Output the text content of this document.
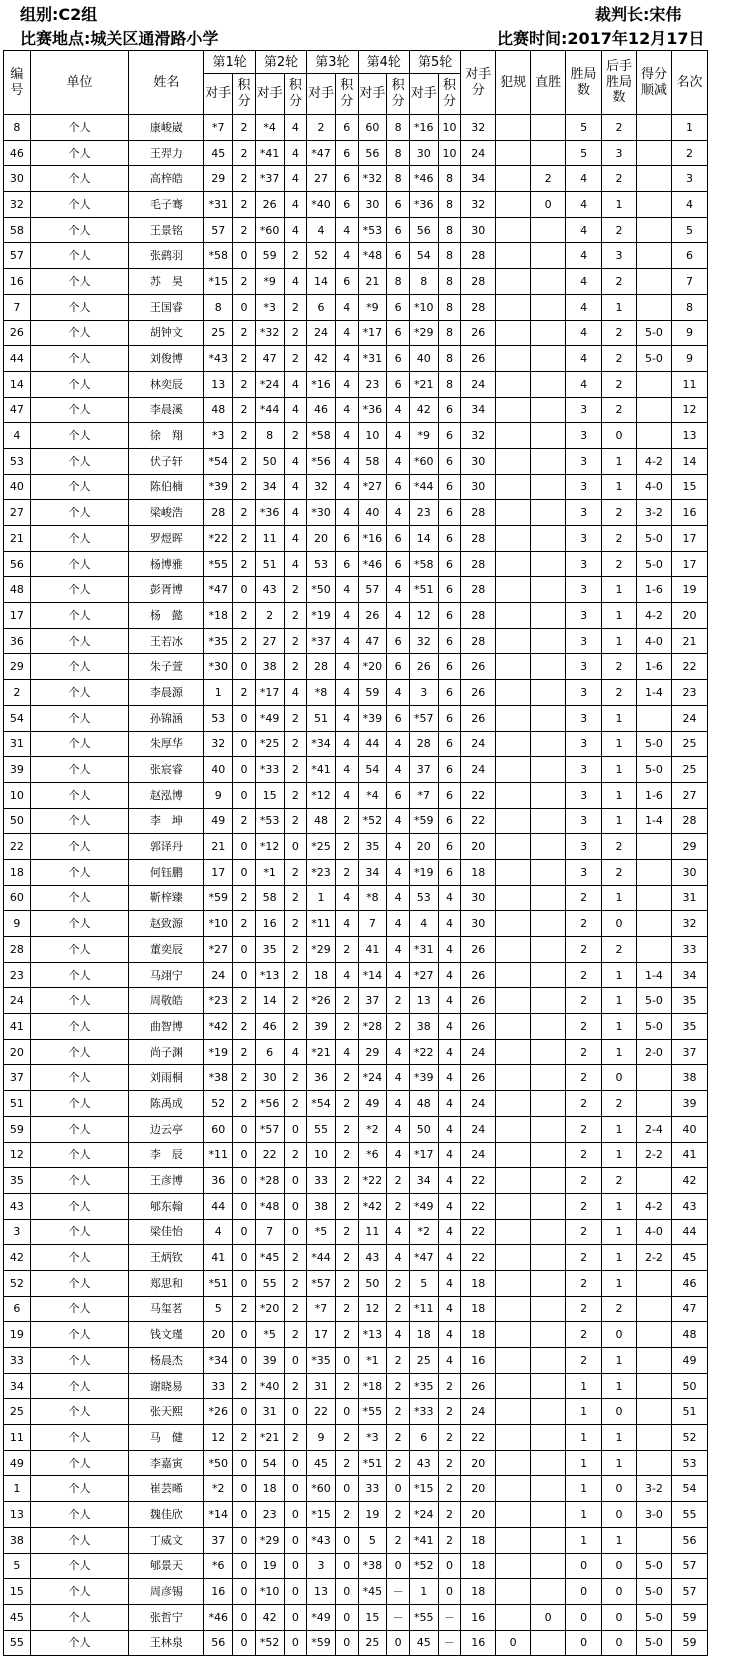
组别:C2组	裁判长:宋伟
比赛地点:城关区通滑路小学	比赛时间:2017年12月17日
编号	单位	姓名	第1轮		第2轮		第3轮		第4轮		第5轮		对手分	犯规	直胜	胜局数	后手胜局数	得分顺减	名次
			对手	积分	对手	积分	对手	积分	对手	积分	对手	积分							
8	个人	康峻崴	*7	2	*4	4	2	6	60	8	*16	10	32			5	2		1
46	个人	王羿力	45	2	*41	4	*47	6	56	8	30	10	24			5	3		2
30	个人	高梓皓	29	2	*37	4	27	6	*32	8	*46	8	34		2	4	2		3
32	个人	毛子骞	*31	2	26	4	*40	6	30	6	*36	8	32		0	4	1		4
58	个人	王景铭	57	2	*60	4	4	4	*53	6	56	8	30			4	2		5
57	个人	张鹞羽	*58	0	59	2	52	4	*48	6	54	8	28			4	3		6
16	个人	苏　昊	*15	2	*9	4	14	6	21	8	8	8	28			4	2		7
7	个人	王国睿	8	0	*3	2	6	4	*9	6	*10	8	28			4	1		8
26	个人	胡钟文	25	2	*32	2	24	4	*17	6	*29	8	26			4	2	5-0	9
44	个人	刘俊博	*43	2	47	2	42	4	*31	6	40	8	26			4	2	5-0	9
14	个人	林奕辰	13	2	*24	4	*16	4	23	6	*21	8	24			4	2		11
47	个人	李晨溪	48	2	*44	4	46	4	*36	4	42	6	34			3	2		12
4	个人	徐　翔	*3	2	8	2	*58	4	10	4	*9	6	32			3	0		13
53	个人	伏子轩	*54	2	50	4	*56	4	58	4	*60	6	30			3	1	4-2	14
40	个人	陈伯楠	*39	2	34	4	32	4	*27	6	*44	6	30			3	1	4-0	15
27	个人	梁峻浩	28	2	*36	4	*30	4	40	4	23	6	28			3	2	3-2	16
21	个人	罗煜晖	*22	2	11	4	20	6	*16	6	14	6	28			3	2	5-0	17
56	个人	杨博雅	*55	2	51	4	53	6	*46	6	*58	6	28			3	2	5-0	17
48	个人	彭胥博	*47	0	43	2	*50	4	57	4	*51	6	28			3	1	1-6	19
17	个人	杨　懿	*18	2	2	2	*19	4	26	4	12	6	28			3	1	4-2	20
36	个人	王若冰	*35	2	27	2	*37	4	47	6	32	6	28			3	1	4-0	21
29	个人	朱子萱	*30	0	38	2	28	4	*20	6	26	6	26			3	2	1-6	22
2	个人	李晨源	1	2	*17	4	*8	4	59	4	3	6	26			3	2	1-4	23
54	个人	孙锦涵	53	0	*49	2	51	4	*39	6	*57	6	26			3	1		24
31	个人	朱厚华	32	0	*25	2	*34	4	44	4	28	6	24			3	1	5-0	25
39	个人	张宸睿	40	0	*33	2	*41	4	54	4	37	6	24			3	1	5-0	25
10	个人	赵泓博	9	0	15	2	*12	4	*4	6	*7	6	22			3	1	1-6	27
50	个人	李　坤	49	2	*53	2	48	2	*52	4	*59	6	22			3	1	1-4	28
22	个人	郭译丹	21	0	*12	0	*25	2	35	4	20	6	20			3	2		29
18	个人	何钰鹏	17	0	*1	2	*23	2	34	4	*19	6	18			3	2		30
60	个人	靳梓臻	*59	2	58	2	1	4	*8	4	53	4	30			2	1		31
9	个人	赵致源	*10	2	16	2	*11	4	7	4	4	4	30			2	0		32
28	个人	董奕辰	*27	0	35	2	*29	2	41	4	*31	4	26			2	2		33
23	个人	马翊宁	24	0	*13	2	18	4	*14	4	*27	4	26			2	1	1-4	34
24	个人	周敬皓	*23	2	14	2	*26	2	37	2	13	4	26			2	1	5-0	35
41	个人	曲智博	*42	2	46	2	39	2	*28	2	38	4	26			2	1	5-0	35
20	个人	尚子渊	*19	2	6	4	*21	4	29	4	*22	4	24			2	1	2-0	37
37	个人	刘雨桐	*38	2	30	2	36	2	*24	4	*39	4	26			2	0		38
51	个人	陈禹成	52	2	*56	2	*54	2	49	4	48	4	24			2	2		39
59	个人	边云亭	60	0	*57	0	55	2	*2	4	50	4	24			2	1	2-4	40
12	个人	李　辰	*11	0	22	2	10	2	*6	4	*17	4	24			2	1	2-2	41
35	个人	王彦博	36	0	*28	0	33	2	*22	2	34	4	22			2	2		42
43	个人	郇东翰	44	0	*48	0	38	2	*42	2	*49	4	22			2	1	4-2	43
3	个人	梁佳怡	4	0	7	0	*5	2	11	4	*2	4	22			2	1	4-0	44
42	个人	王炳钦	41	0	*45	2	*44	2	43	4	*47	4	22			2	1	2-2	45
52	个人	郑思和	*51	0	55	2	*57	2	50	2	5	4	18			2	1		46
6	个人	马玺茗	5	2	*20	2	*7	2	12	2	*11	4	18			2	2		47
19	个人	钱文瑾	20	0	*5	2	17	2	*13	4	18	4	18			2	0		48
33	个人	杨晨杰	*34	0	39	0	*35	0	*1	2	25	4	16			2	1		49
34	个人	谢晓易	33	2	*40	2	31	2	*18	2	*35	2	26			1	1		50
25	个人	张天熙	*26	0	31	0	22	0	*55	2	*33	2	24			1	0		51
11	个人	马　健	12	2	*21	2	9	2	*3	2	6	2	22			1	1		52
49	个人	李嘉寅	*50	0	54	0	45	2	*51	2	43	2	20			1	1		53
1	个人	崔芸晞	*2	0	18	0	*60	0	33	0	*15	2	20			1	0	3-2	54
13	个人	魏佳欣	*14	0	23	0	*15	2	19	2	*24	2	20			1	0	3-0	55
38	个人	丁威文	37	0	*29	0	*43	0	5	2	*41	2	18			1	1		56
5	个人	郇景天	*6	0	19	0	3	0	*38	0	*52	0	18			0	0	5-0	57
15	个人	周彦锡	16	0	*10	0	13	0	*45	－	1	0	18			0	0	5-0	57
45	个人	张哲宁	*46	0	42	0	*49	0	15	－	*55	－	16		0	0	0	5-0	59
55	个人	王林泉	56	0	*52	0	*59	0	25	0	45	－	16	0		0	0	5-0	59
